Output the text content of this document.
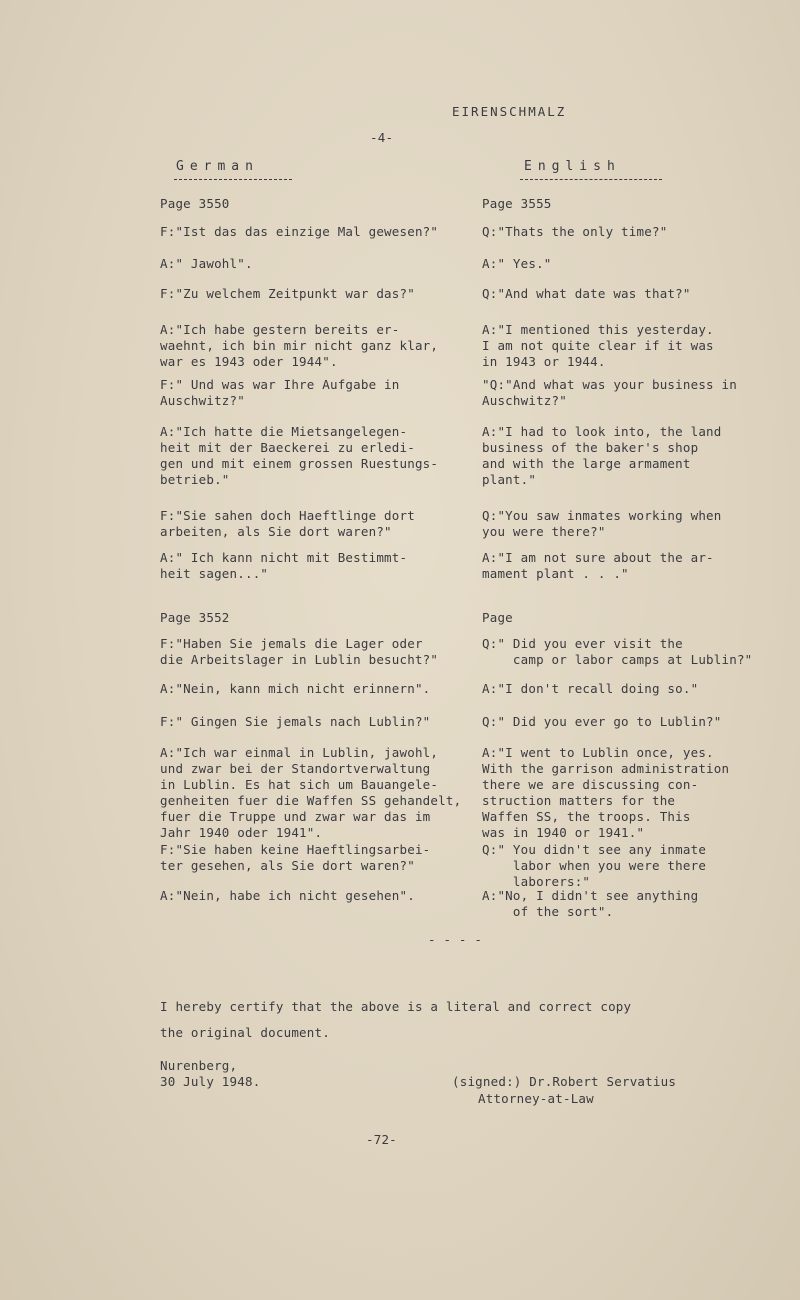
EIRENSCHMALZ
-4-
German	English
Page 3550
F:"Ist das das einzige Mal gewesen?"
A:" Jawohl".
F:"Zu welchem Zeitpunkt war das?"
A:"Ich habe gestern bereits er-
waehnt, ich bin mir nicht ganz klar,
war es 1943 oder 1944".
F:" Und was war Ihre Aufgabe in
Auschwitz?"
A:"Ich hatte die Mietsangelegen-
heit mit der Baeckerei zu erledi-
gen und mit einem grossen Ruestungs-
betrieb."
F:"Sie sahen doch Haeftlinge dort
arbeiten, als Sie dort waren?"
A:" Ich kann nicht mit Bestimmt-
heit sagen..."
Page 3552
F:"Haben Sie jemals die Lager oder
die Arbeitslager in Lublin besucht?"
A:"Nein, kann mich nicht erinnern".
F:" Gingen Sie jemals nach Lublin?"
A:"Ich war einmal in Lublin, jawohl,
und zwar bei der Standortverwaltung
in Lublin. Es hat sich um Bauangele-
genheiten fuer die Waffen SS gehandelt,
fuer die Truppe und zwar war das im
Jahr 1940 oder 1941".
F:"Sie haben keine Haeftlingsarbei-
ter gesehen, als Sie dort waren?"
A:"Nein, habe ich nicht gesehen".
Page 3555
Q:"Thats the only time?"
A:" Yes."
Q:"And what date was that?"
A:"I mentioned this yesterday.
I am not quite clear if it was
in 1943 or 1944.
"Q:"And what was your business in
Auschwitz?"
A:"I had to look into, the land
business of the baker's shop
and with the large armament
plant."
Q:"You saw inmates working when
you were there?"
A:"I am not sure about the ar-
mament plant . . ."
Page
Q:" Did you ever visit the
camp or labor camps at Lublin?"
A:"I don't recall doing so."
Q:" Did you ever go to Lublin?"
A:"I went to Lublin once, yes.
With the garrison administration
there we are discussing con-
struction matters for the
Waffen SS, the troops. This
was in 1940 or 1941."
Q:" You didn't see any inmate
labor when you were there
laborers:"
A:"No, I didn't see anything
of the sort".
- - - -
I hereby certify that the above is a literal and correct copy
the original document.
Nurenberg,
30 July 1948.	(signed:) Dr.Robert Servatius
Attorney-at-Law
-72-
